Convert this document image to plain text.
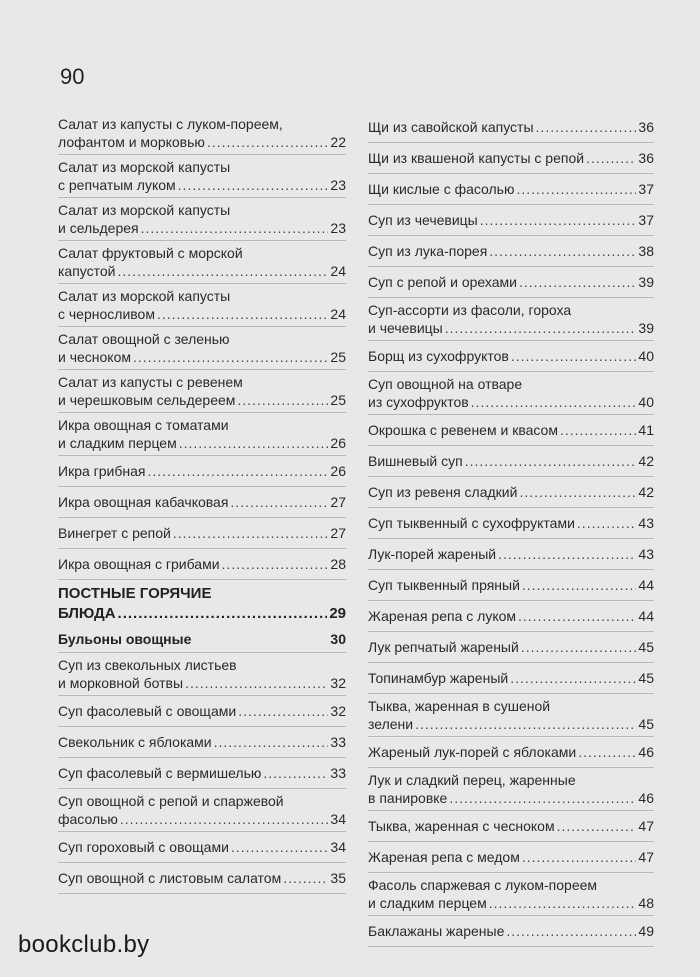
90
Салат из капусты с луком-пореем,
лофантом и морковью .....	22
Салат из морской капусты
с репчатым луком .....	23
Салат из морской капусты
и сельдерея .....	23
Салат фруктовый с морской
капустой .....	24
Салат из морской капусты
с черносливом .....	24
Салат овощной с зеленью
и чесноком .....	25
Салат из капусты с ревенем
и черешковым сельдереем .....	25
Икра овощная с томатами
и сладким перцем .....	26
Икра грибная .....	26
Икра овощная кабачковая .....	27
Винегрет с репой .....	27
Икра овощная с грибами .....	28
ПОСТНЫЕ ГОРЯЧИЕ
БЛЮДА .....	29
Бульоны овощные	30
Суп из свекольных листьев
и морковной ботвы .....	32
Суп фасолевый с овощами .....	32
Свекольник с яблоками .....	33
Суп фасолевый с вермишелью .....	33
Суп овощной с репой и спаржевой
фасолью .....	34
Суп гороховый с овощами .....	34
Суп овощной с листовым салатом .....	35
Щи из савойской капусты .....	36
Щи из квашеной капусты с репой .....	36
Щи кислые с фасолью .....	37
Суп из чечевицы .....	37
Суп из лука-порея .....	38
Суп с репой и орехами .....	39
Суп-ассорти из фасоли, гороха
и чечевицы .....	39
Борщ из сухофруктов .....	40
Суп овощной на отваре
из сухофруктов .....	40
Окрошка с ревенем и квасом .....	41
Вишневый суп .....	42
Суп из ревеня сладкий .....	42
Суп тыквенный с сухофруктами .....	43
Лук-порей жареный .....	43
Суп тыквенный пряный .....	44
Жареная репа с луком .....	44
Лук репчатый жареный .....	45
Топинамбур жареный .....	45
Тыква, жаренная в сушеной
зелени .....	45
Жареный лук-порей с яблоками .....	46
Лук и сладкий перец, жаренные
в панировке .....	46
Тыква, жаренная с чесноком .....	47
Жареная репа с медом .....	47
Фасоль спаржевая с луком-пореем
и сладким перцем .....	48
Баклажаны жареные .....	49
bookclub.by
